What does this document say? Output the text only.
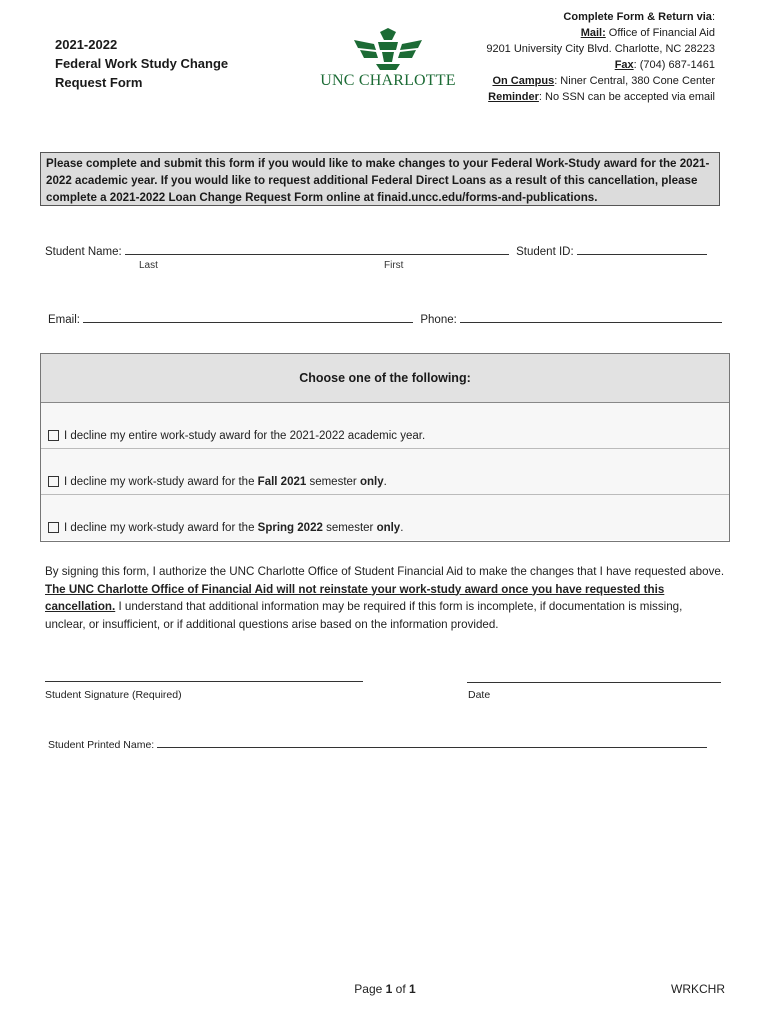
2021-2022
Federal Work Study Change
Request Form	UNC CHARLOTTE
Complete Form & Return via:
Mail: Office of Financial Aid
9201 University City Blvd. Charlotte, NC 28223
Fax: (704) 687-1461
On Campus: Niner Central, 380 Cone Center
Reminder: No SSN can be accepted via email
Please complete and submit this form if you would like to make changes to your Federal Work-Study award for the 2021-2022 academic year. If you would like to request additional Federal Direct Loans as a result of this cancellation, please complete a 2021-2022 Loan Change Request Form online at finaid.uncc.edu/forms-and-publications.
Student Name:	Student ID:
Last	First
Email:	Phone:
Choose one of the following:
I decline my entire work-study award for the 2021-2022 academic year.
I decline my work-study award for the Fall 2021 semester only.
I decline my work-study award for the Spring 2022 semester only.
By signing this form, I authorize the UNC Charlotte Office of Student Financial Aid to make the changes that I have requested above. The UNC Charlotte Office of Financial Aid will not reinstate your work-study award once you have requested this cancellation. I understand that additional information may be required if this form is incomplete, if documentation is missing, unclear, or insufficient, or if additional questions arise based on the information provided.
Student Signature (Required)	Date
Student Printed Name:
Page 1 of 1	WRKCHR
